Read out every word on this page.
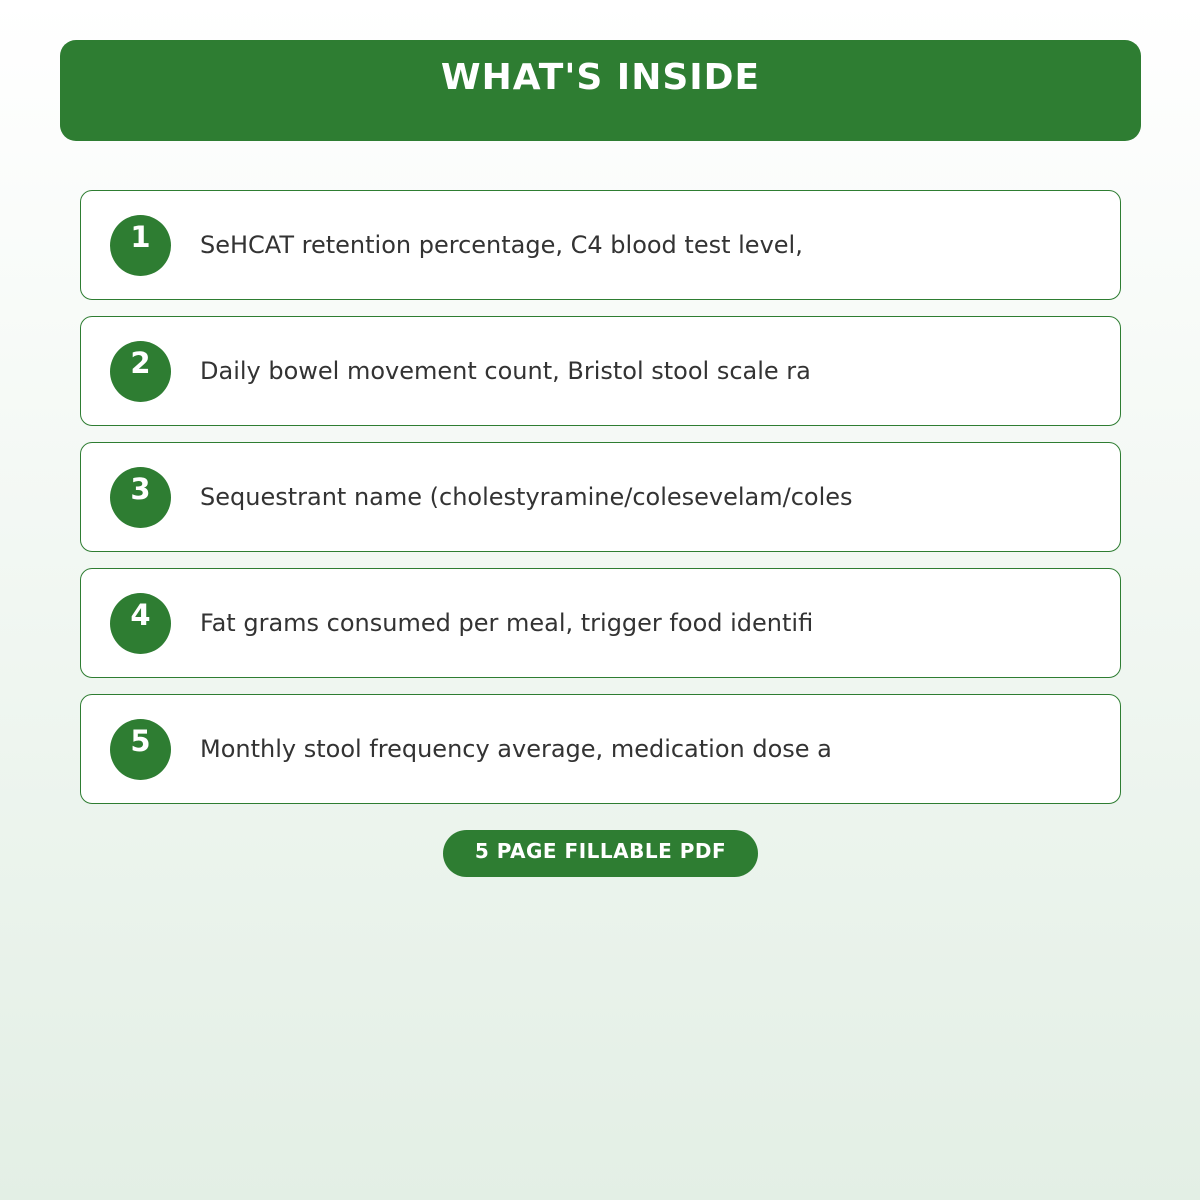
WHAT'S INSIDE
1	SeHCAT retention percentage, C4 blood test level,
2	Daily bowel movement count, Bristol stool scale ra
3	Sequestrant name (cholestyramine/colesevelam/coles
4	Fat grams consumed per meal, trigger food identifi
5	Monthly stool frequency average, medication dose a
5 PAGE FILLABLE PDF
